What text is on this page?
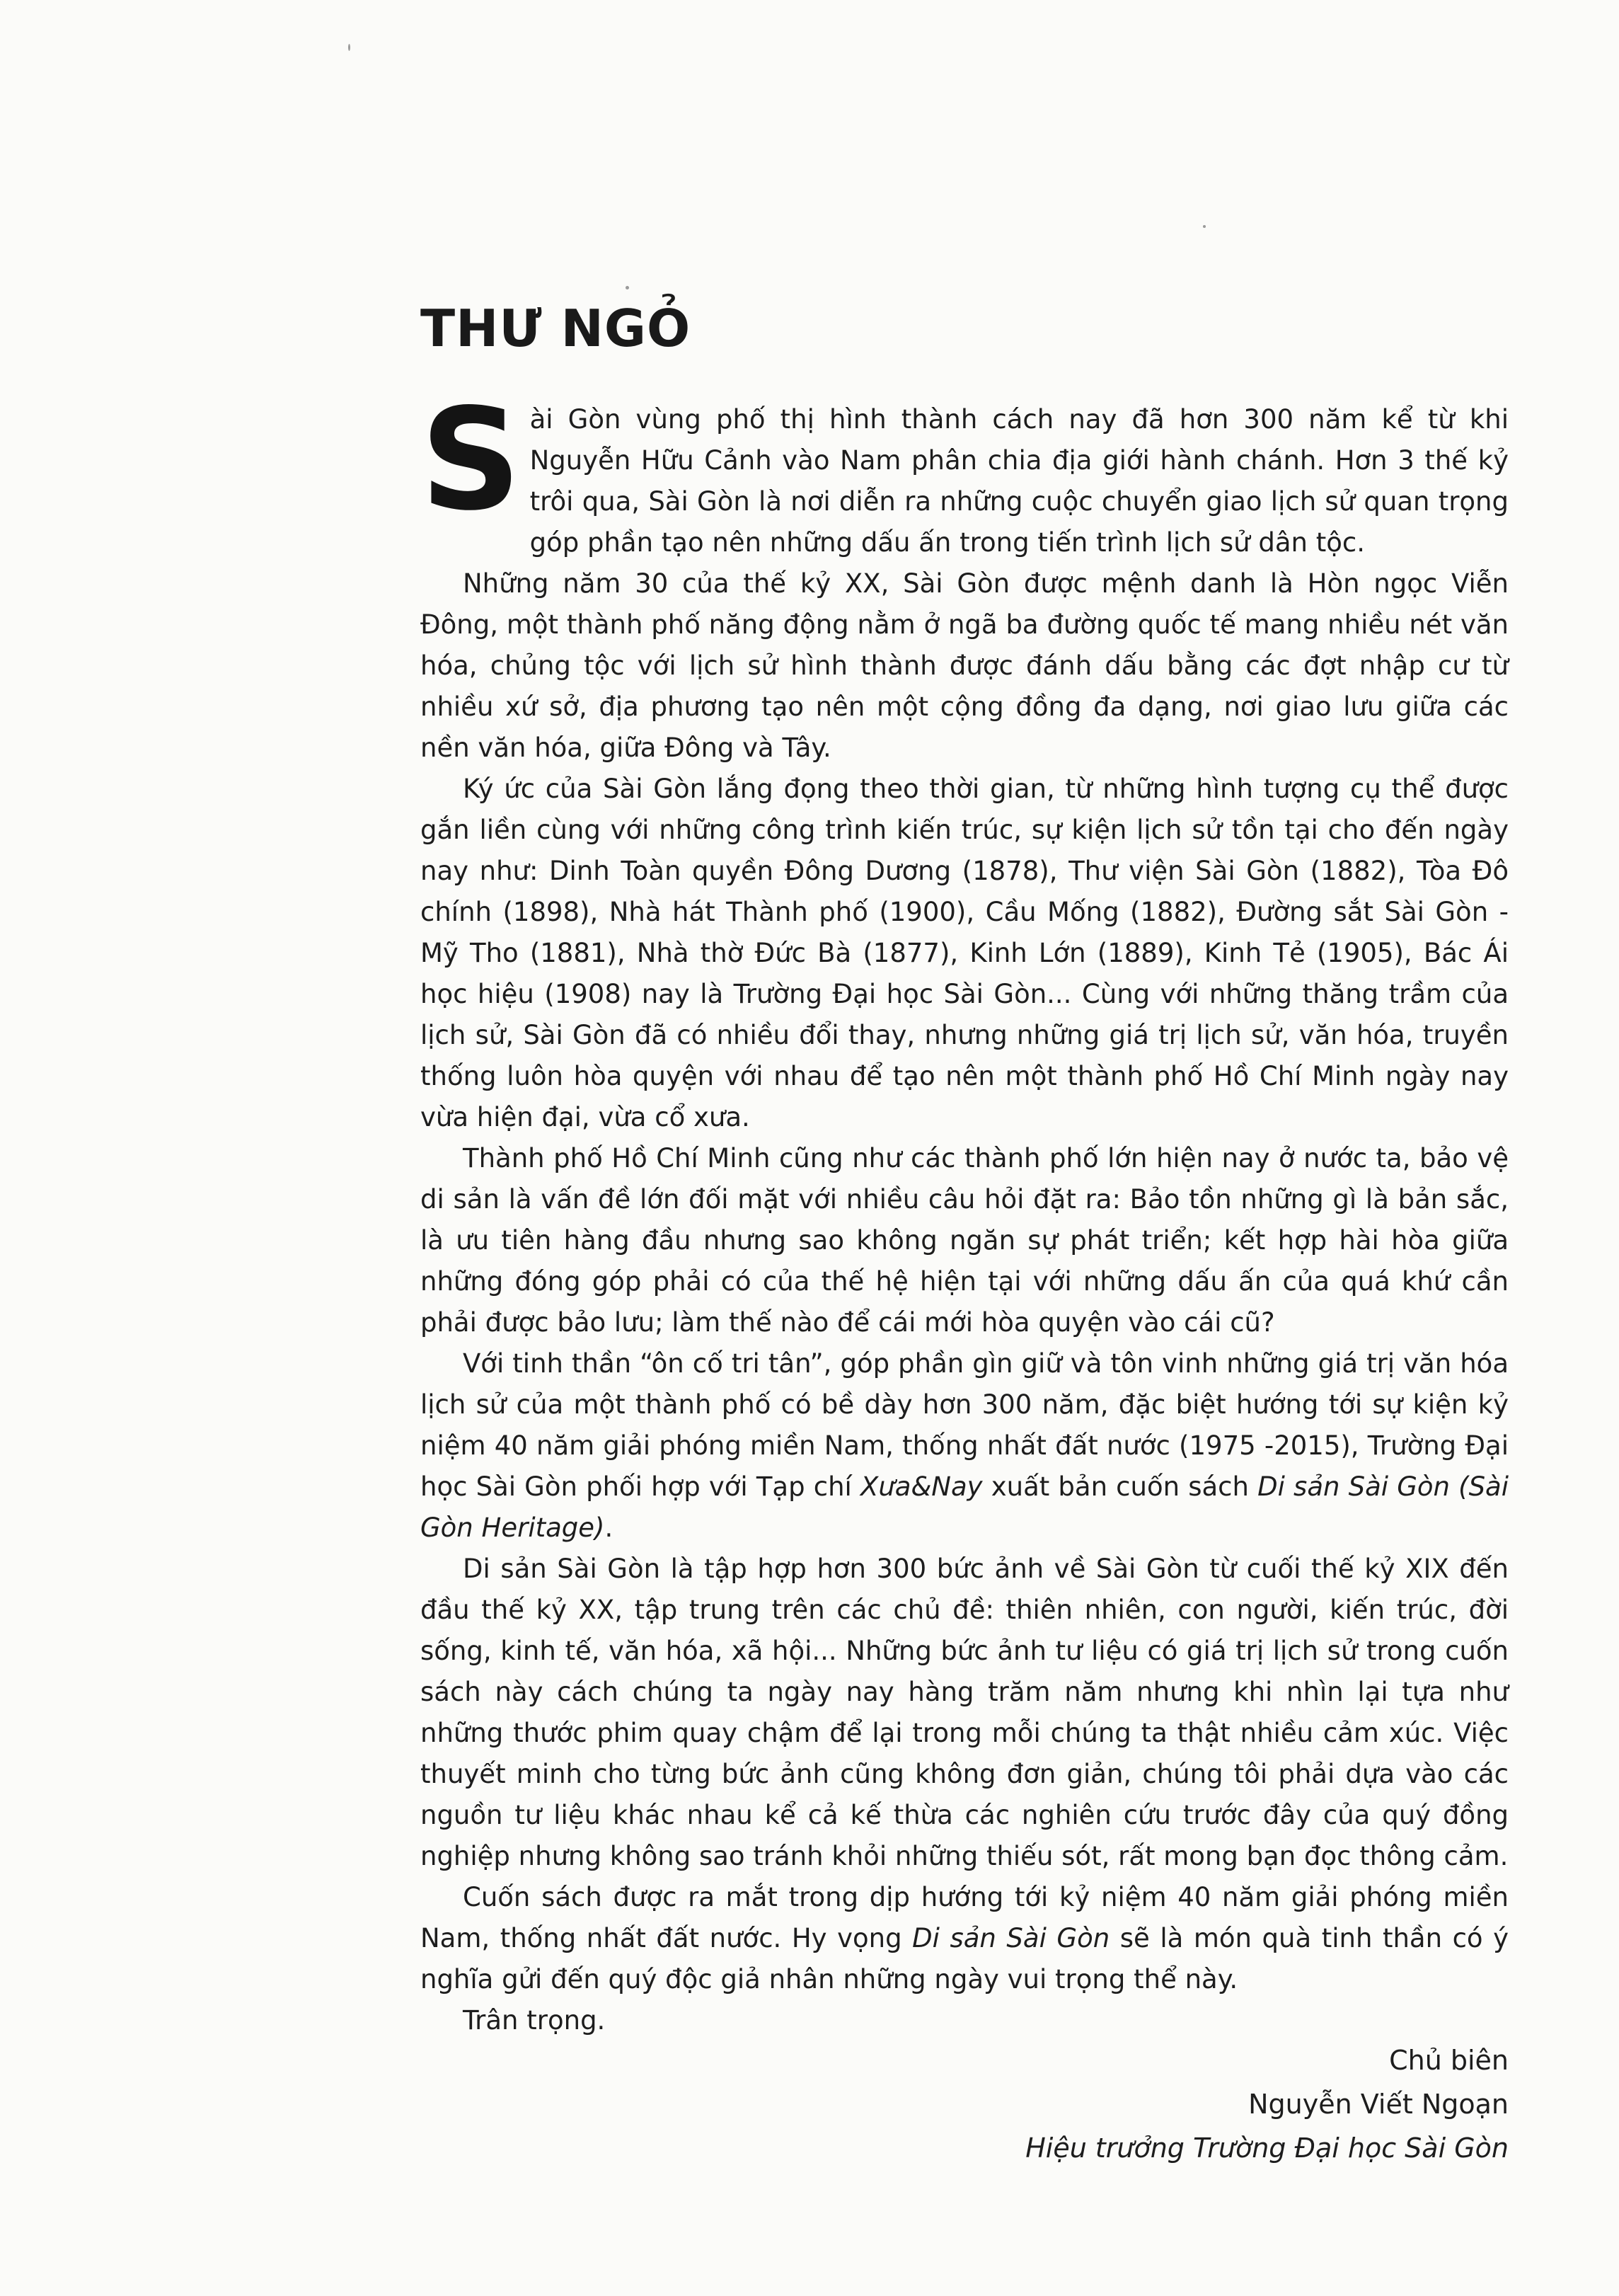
THƯ NGỎ

Sài Gòn vùng phố thị hình thành cách nay đã hơn 300 năm kể từ khi Nguyễn Hữu Cảnh vào Nam phân chia địa giới hành chánh. Hơn 3 thế kỷ trôi qua, Sài Gòn là nơi diễn ra những cuộc chuyển giao lịch sử quan trọng góp phần tạo nên những dấu ấn trong tiến trình lịch sử dân tộc.

Những năm 30 của thế kỷ XX, Sài Gòn được mệnh danh là Hòn ngọc Viễn Đông, một thành phố năng động nằm ở ngã ba đường quốc tế mang nhiều nét văn hóa, chủng tộc với lịch sử hình thành được đánh dấu bằng các đợt nhập cư từ nhiều xứ sở, địa phương tạo nên một cộng đồng đa dạng, nơi giao lưu giữa các nền văn hóa, giữa Đông và Tây.

Ký ức của Sài Gòn lắng đọng theo thời gian, từ những hình tượng cụ thể được gắn liền cùng với những công trình kiến trúc, sự kiện lịch sử tồn tại cho đến ngày nay như: Dinh Toàn quyền Đông Dương (1878), Thư viện Sài Gòn (1882), Tòa Đô chính (1898), Nhà hát Thành phố (1900), Cầu Mống (1882), Đường sắt Sài Gòn - Mỹ Tho (1881), Nhà thờ Đức Bà (1877), Kinh Lớn (1889), Kinh Tẻ (1905), Bác Ái học hiệu (1908) nay là Trường Đại học Sài Gòn... Cùng với những thăng trầm của lịch sử, Sài Gòn đã có nhiều đổi thay, nhưng những giá trị lịch sử, văn hóa, truyền thống luôn hòa quyện với nhau để tạo nên một thành phố Hồ Chí Minh ngày nay vừa hiện đại, vừa cổ xưa.

Thành phố Hồ Chí Minh cũng như các thành phố lớn hiện nay ở nước ta, bảo vệ di sản là vấn đề lớn đối mặt với nhiều câu hỏi đặt ra: Bảo tồn những gì là bản sắc, là ưu tiên hàng đầu nhưng sao không ngăn sự phát triển; kết hợp hài hòa giữa những đóng góp phải có của thế hệ hiện tại với những dấu ấn của quá khứ cần phải được bảo lưu; làm thế nào để cái mới hòa quyện vào cái cũ?

Với tinh thần “ôn cố tri tân”, góp phần gìn giữ và tôn vinh những giá trị văn hóa lịch sử của một thành phố có bề dày hơn 300 năm, đặc biệt hướng tới sự kiện kỷ niệm 40 năm giải phóng miền Nam, thống nhất đất nước (1975 -2015), Trường Đại học Sài Gòn phối hợp với Tạp chí Xưa&Nay xuất bản cuốn sách Di sản Sài Gòn (Sài Gòn Heritage).

Di sản Sài Gòn là tập hợp hơn 300 bức ảnh về Sài Gòn từ cuối thế kỷ XIX đến đầu thế kỷ XX, tập trung trên các chủ đề: thiên nhiên, con người, kiến trúc, đời sống, kinh tế, văn hóa, xã hội... Những bức ảnh tư liệu có giá trị lịch sử trong cuốn sách này cách chúng ta ngày nay hàng trăm năm nhưng khi nhìn lại tựa như những thước phim quay chậm để lại trong mỗi chúng ta thật nhiều cảm xúc. Việc thuyết minh cho từng bức ảnh cũng không đơn giản, chúng tôi phải dựa vào các nguồn tư liệu khác nhau kể cả kế thừa các nghiên cứu trước đây của quý đồng nghiệp nhưng không sao tránh khỏi những thiếu sót, rất mong bạn đọc thông cảm.

Cuốn sách được ra mắt trong dịp hướng tới kỷ niệm 40 năm giải phóng miền Nam, thống nhất đất nước. Hy vọng Di sản Sài Gòn sẽ là món quà tinh thần có ý nghĩa gửi đến quý độc giả nhân những ngày vui trọng thể này.

Trân trọng.

Chủ biên
Nguyễn Viết Ngoạn
Hiệu trưởng Trường Đại học Sài Gòn
